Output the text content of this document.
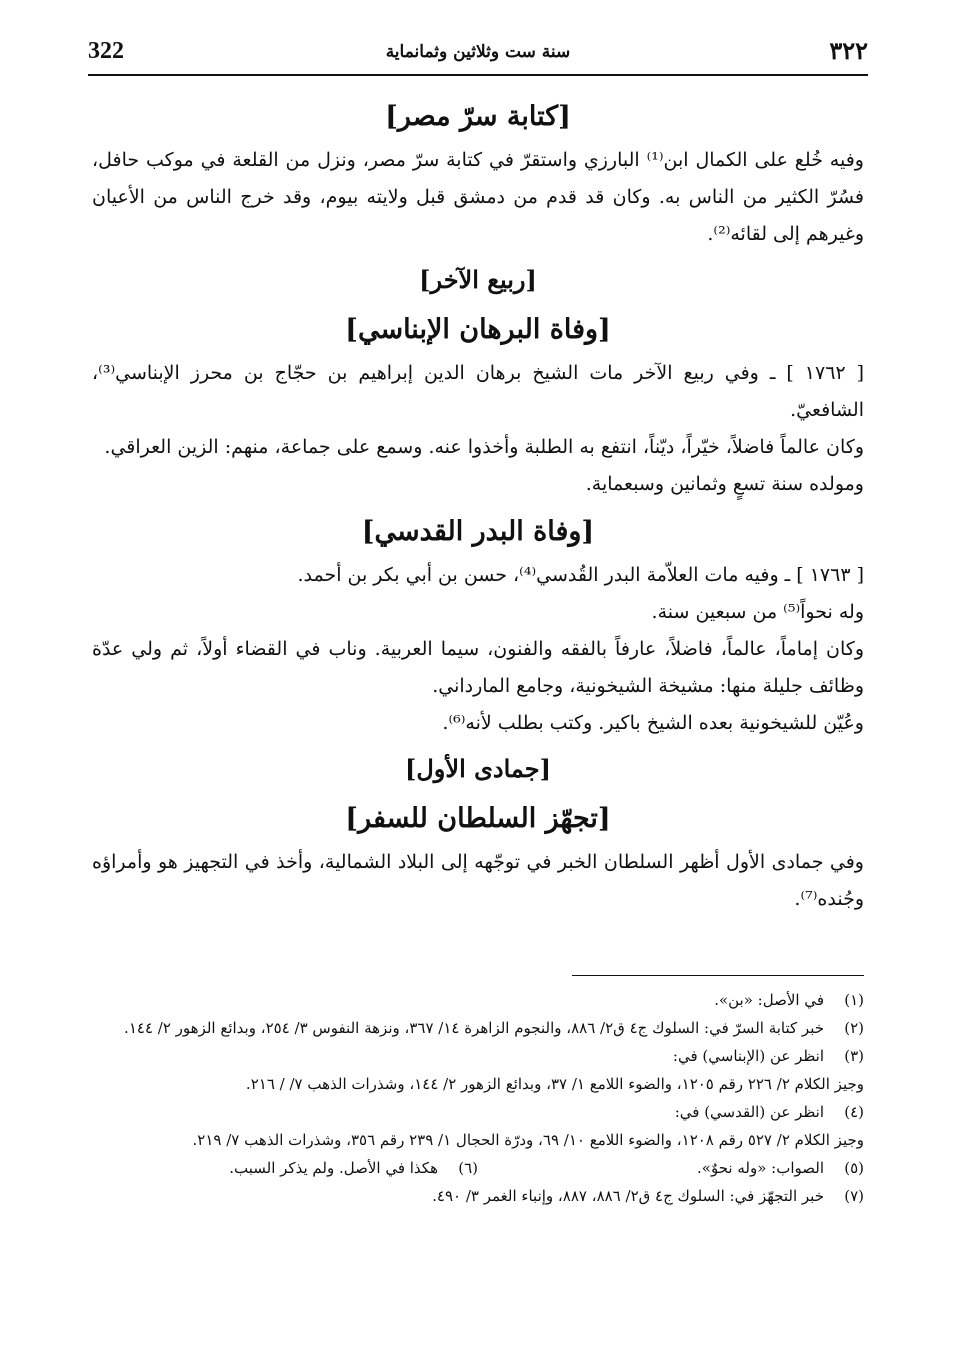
322	سنة ست وثلاثين وثمانماية	٣٢٢
[كتابة سرّ مصر]

وفيه خُلع على الكمال ابن⁽¹⁾ البارزي واستقرّ في كتابة سرّ مصر، ونزل من القلعة في موكب حافل، فسُرّ الكثير من الناس به. وكان قد قدم من دمشق قبل ولايته بيوم، وقد خرج الناس من الأعيان وغيرهم إلى لقائه⁽²⁾.

[ربيع الآخر]
[وفاة البرهان الإبناسي]

[ ١٧٦٢ ] ـ وفي ربيع الآخر مات الشيخ برهان الدين إبراهيم بن حجّاج بن محرز الإبناسي⁽³⁾، الشافعيّ.

وكان عالماً فاضلاً، خيّراً، ديّناً، انتفع به الطلبة وأخذوا عنه. وسمع على جماعة، منهم: الزين العراقي.

ومولده سنة تسعٍ وثمانين وسبعماية.

[وفاة البدر القدسي]

[ ١٧٦٣ ] ـ وفيه مات العلاّمة البدر القُدسي⁽⁴⁾، حسن بن أبي بكر بن أحمد.

وله نحواً⁽⁵⁾ من سبعين سنة.

وكان إماماً، عالماً، فاضلاً، عارفاً بالفقه والفنون، سيما العربية. وناب في القضاء أولاً، ثم ولي عدّة وظائف جليلة منها: مشيخة الشيخونية، وجامع المارداني.

وعُيّن للشيخونية بعده الشيخ باكير. وكتب بطلب لأنه⁽⁶⁾.

[جمادى الأول]
[تجهّز السلطان للسفر]

وفي جمادى الأول أظهر السلطان الخبر في توجّهه إلى البلاد الشمالية، وأخذ في التجهيز هو وأمراؤه وجُنده⁽⁷⁾.

(١)في الأصل: «بن».

(٢)خبر كتابة السرّ في: السلوك ج٤ ق٢/ ٨٨٦، والنجوم الزاهرة ١٤/ ٣٦٧، ونزهة النفوس ٣/ ٢٥٤، وبدائع الزهور ٢/ ١٤٤.

(٣)انظر عن (الإبناسي) في:

وجيز الكلام ٢/ ٢٢٦ رقم ١٢٠٥، والضوء اللامع ١/ ٣٧، وبدائع الزهور ٢/ ١٤٤، وشذرات الذهب ٧/ / ٢١٦.

(٤)انظر عن (القدسي) في:

وجيز الكلام ٢/ ٥٢٧ رقم ١٢٠٨، والضوء اللامع ١٠/ ٦٩، ودرّة الحجال ١/ ٢٣٩ رقم ٣٥٦، وشذرات الذهب ٧/ ٢١٩.

(٥)الصواب: «وله نحوٌ».
(٦)هكذا في الأصل. ولم يذكر السبب.

(٧)خبر التجهّز في: السلوك ج٤ ق٢/ ٨٨٦، ٨٨٧، وإنباء الغمر ٣/ ٤٩٠.
